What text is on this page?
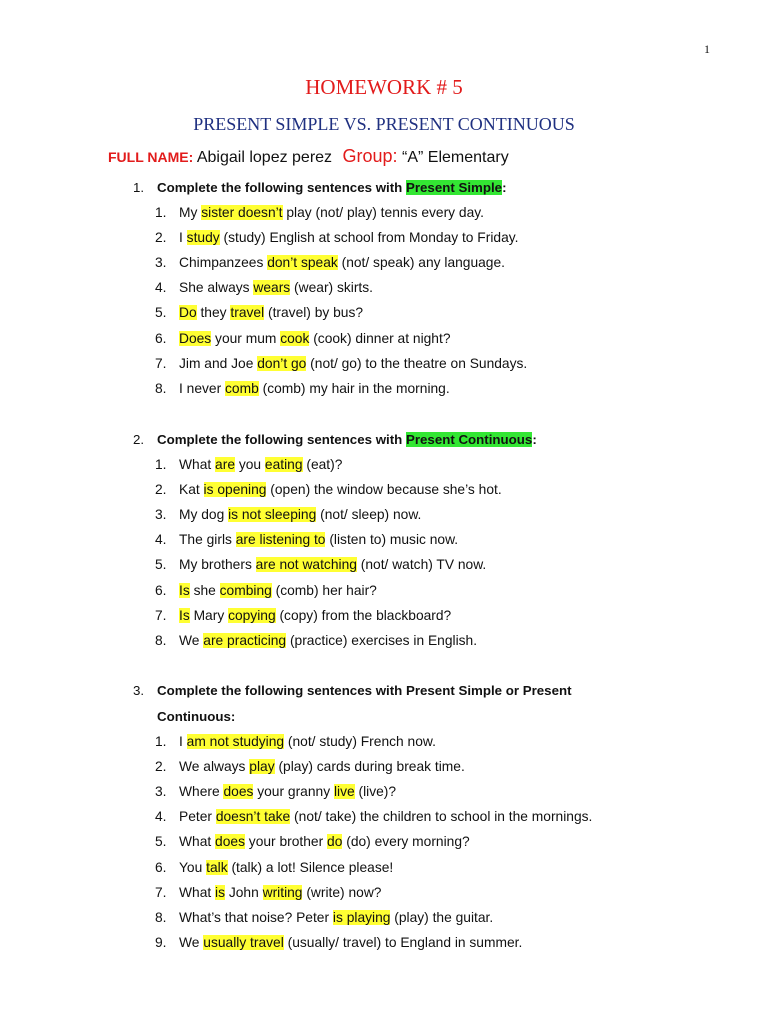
1
HOMEWORK # 5
PRESENT SIMPLE VS. PRESENT CONTINUOUS
FULL NAME: Abigail lopez perez Group: “A” Elementary
1. Complete the following sentences with Present Simple:
1. My sister doesn’t play (not/ play) tennis every day.
2. I study (study) English at school from Monday to Friday.
3. Chimpanzees don’t speak (not/ speak) any language.
4. She always wears (wear) skirts.
5. Do they travel (travel) by bus?
6. Does your mum cook (cook) dinner at night?
7. Jim and Joe don’t go (not/ go) to the theatre on Sundays.
8. I never comb (comb) my hair in the morning.
2. Complete the following sentences with Present Continuous:
1. What are you eating (eat)?
2. Kat is opening (open) the window because she’s hot.
3. My dog is not sleeping (not/ sleep) now.
4. The girls are listening to (listen to) music now.
5. My brothers are not watching (not/ watch) TV now.
6. Is she combing (comb) her hair?
7. Is Mary copying (copy) from the blackboard?
8. We are practicing (practice) exercises in English.
3. Complete the following sentences with Present Simple or Present
Continuous:
1. I am not studying (not/ study) French now.
2. We always play (play) cards during break time.
3. Where does your granny live (live)?
4. Peter doesn’t take (not/ take) the children to school in the mornings.
5. What does your brother do (do) every morning?
6. You talk (talk) a lot! Silence please!
7. What is John writing (write) now?
8. What’s that noise? Peter is playing (play) the guitar.
9. We usually travel (usually/ travel) to England in summer.
